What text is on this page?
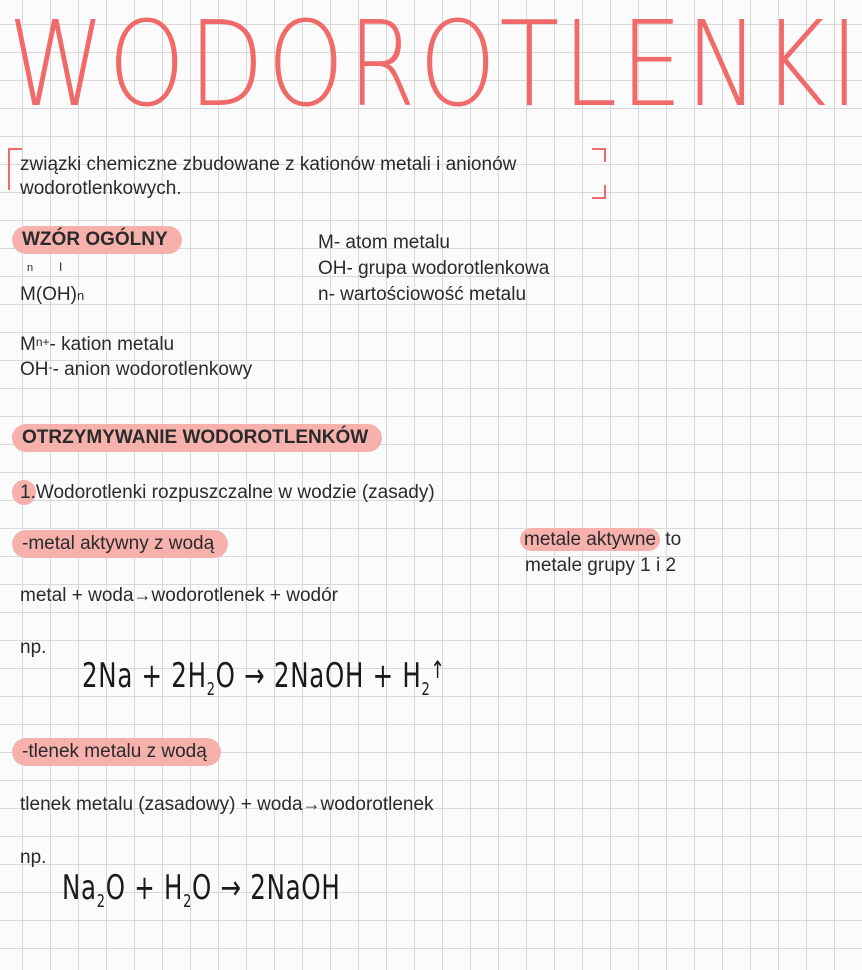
WODOROTLENKI
związki chemiczne zbudowane z kationów metali i anionów
wodorotlenkowych.
WZÓR OGÓLNY
n I
M(OH)n
M- atom metalu
OH- grupa wodorotlenkowa
n- wartościowość metalu
$M^{n+}-$ kation metalu
OH-- anion wodorotlenkowy
OTRZYMYWANIE WODOROTLENKÓW
1.Wodorotlenki rozpuszczalne w wodzie (zasady)
-metal aktywny z wodą	metale aktywne to
metale grupy 1 i 2
metal + woda→wodorotlenek + wodór
np.
$2Na + 2H_2O$ → 2NaOH + $H_2^↑$
-tlenek metalu z wodą
tlenek metalu (zasadowy) + woda→wodorotlenek
np.
$Na_2O + H_2O$ → 2NaOH
